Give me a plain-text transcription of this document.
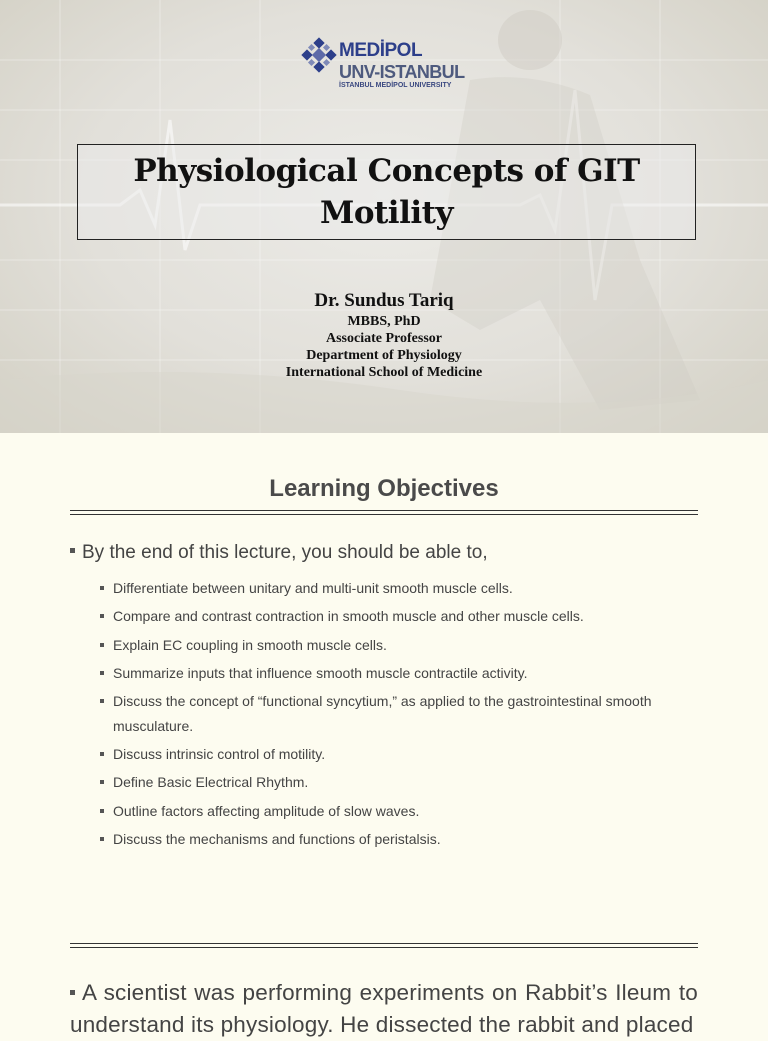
MEDİPOL
UNV-ISTANBUL
İSTANBUL MEDİPOL UNIVERSITY
Physiological Concepts of GIT Motility
Dr. Sundus Tariq
MBBS, PhD
Associate Professor
Department of Physiology
International School of Medicine
Learning Objectives
By the end of this lecture, you should be able to,
Differentiate between unitary and multi-unit smooth muscle cells.
Compare and contrast contraction in smooth muscle and other muscle cells.
Explain EC coupling in smooth muscle cells.
Summarize inputs that influence smooth muscle contractile activity.
Discuss the concept of “functional syncytium,” as applied to the gastrointestinal smooth musculature.
Discuss intrinsic control of motility.
Define Basic Electrical Rhythm.
Outline factors affecting amplitude of slow waves.
Discuss the mechanisms and functions of peristalsis.
A scientist was performing experiments on Rabbit’s Ileum to understand its physiology. He dissected the rabbit and placed
